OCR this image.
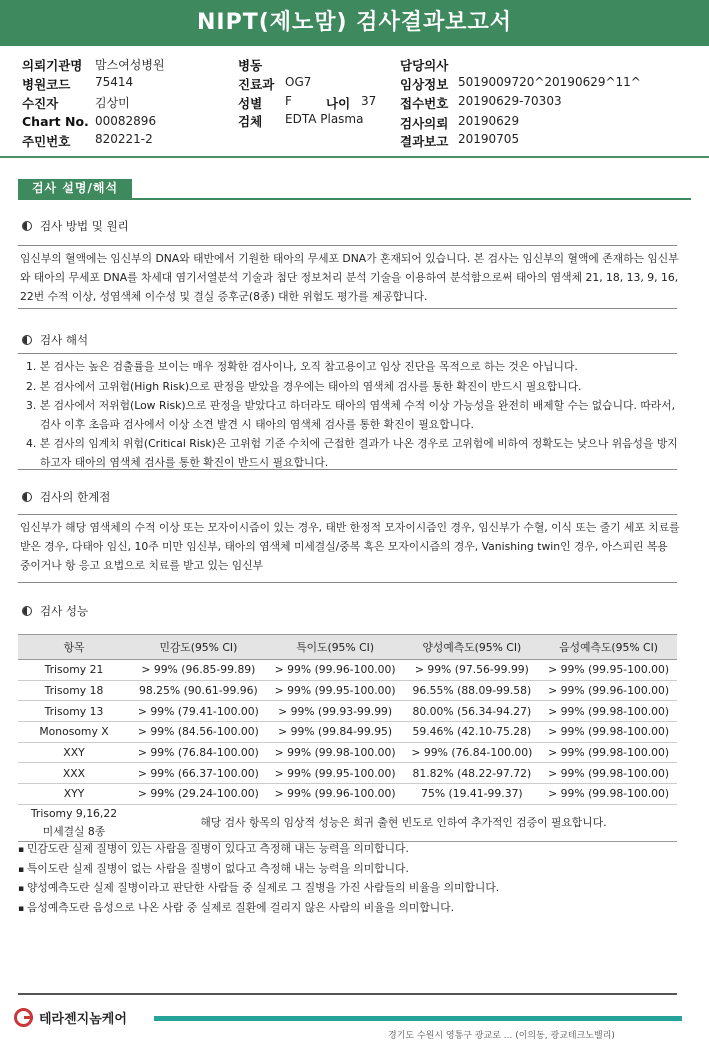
NIPT(제노맘) 검사결과보고서
의뢰기관명 맘스여성병원
병원코드 75414
수진자	김상미
Chart No. 00082896
주민번호 820221-2
병동
진료과 OG7
성별 F	나이 37
검체 EDTA Plasma
담당의사
임상정보 5019009720^20190629^11^
접수번호 20190629-70303
검사의뢰 20190629
결과보고 20190705
검사 설명/해석
검사 방법 및 원리

임신부의 혈액에는 임신부의 DNA와 태반에서 기원한 태아의 무세포 DNA가 혼재되어 있습니다. 본 검사는 임신부의 혈액에 존재하는 임신부와 태아의 무세포 DNA를 차세대 염기서열분석 기술과 첨단 정보처리 분석 기술을 이용하여 분석함으로써 태아의 염색체 21, 18, 13, 9, 16, 22번 수적 이상, 성염색체 이수성 및 결실 증후군(8종) 대한 위험도 평가를 제공합니다.

검사 해석
1. 본 검사는 높은 검출률을 보이는 매우 정확한 검사이나, 오직 참고용이고 임상 진단을 목적으로 하는 것은 아닙니다.
2. 본 검사에서 고위험(High Risk)으로 판정을 받았을 경우에는 태아의 염색체 검사를 통한 확진이 반드시 필요합니다.
3. 본 검사에서 저위험(Low Risk)으로 판정을 받았다고 하더라도 태아의 염색체 수적 이상 가능성을 완전히 배제할 수는 없습니다. 따라서, 검사 이후 초음파 검사에서 이상 소견 발견 시 태아의 염색체 검사를 통한 확진이 필요합니다.
4. 본 검사의 임계치 위험(Critical Risk)은 고위험 기준 수치에 근접한 결과가 나온 경우로 고위험에 비하여 정확도는 낮으나 위음성을 방지하고자 태아의 염색체 검사를 통한 확진이 반드시 필요합니다.
검사의 한계점

임신부가 해당 염색체의 수적 이상 또는 모자이시즘이 있는 경우, 태반 한정적 모자이시즘인 경우, 임신부가 수혈, 이식 또는 줄기 세포 치료를 받은 경우, 다태아 임신, 10주 미만 임신부, 태아의 염색체 미세결실/중복 혹은 모자이시즘의 경우, Vanishing twin인 경우, 아스피린 복용 중이거나 항 응고 요법으로 치료를 받고 있는 임신부

검사 성능
항목	민감도(95% CI)	특이도(95% CI)	양성예측도(95% CI)	음성예측도(95% CI)
Trisomy 21	> 99% (96.85-99.89)	> 99% (99.96-100.00)	> 99% (97.56-99.99)	> 99% (99.95-100.00)
Trisomy 18	98.25% (90.61-99.96)	> 99% (99.95-100.00)	96.55% (88.09-99.58)	> 99% (99.96-100.00)
Trisomy 13	> 99% (79.41-100.00)	> 99% (99.93-99.99)	80.00% (56.34-94.27)	> 99% (99.98-100.00)
Monosomy X	> 99% (84.56-100.00)	> 99% (99.84-99.95)	59.46% (42.10-75.28)	> 99% (99.98-100.00)
XXY	> 99% (76.84-100.00)	> 99% (99.98-100.00)	> 99% (76.84-100.00)	> 99% (99.98-100.00)
XXX	> 99% (66.37-100.00)	> 99% (99.95-100.00)	81.82% (48.22-97.72)	> 99% (99.98-100.00)
XYY	> 99% (29.24-100.00)	> 99% (99.96-100.00)	75% (19.41-99.37)	> 99% (99.98-100.00)

Trisomy 9,16,22
미세결실 8종	해당 검사 항목의 임상적 성능은 희귀 출현 빈도로 인하여 추가적인 검증이 필요합니다.			
▪ 민감도란 실제 질병이 있는 사람을 질병이 있다고 측정해 내는 능력을 의미합니다.
▪ 특이도란 실제 질병이 없는 사람을 질병이 없다고 측정해 내는 능력을 의미합니다.
▪ 양성예측도란 실제 질병이라고 판단한 사람들 중 실제로 그 질병을 가진 사람들의 비율을 의미합니다.
▪ 음성예측도란 음성으로 나온 사람 중 실제로 질환에 걸리지 않은 사람의 비율을 의미합니다.
테라젠지놈케어
경기도 수원시 영통구 광교로 ... (이의동, 광교테크노밸리)
